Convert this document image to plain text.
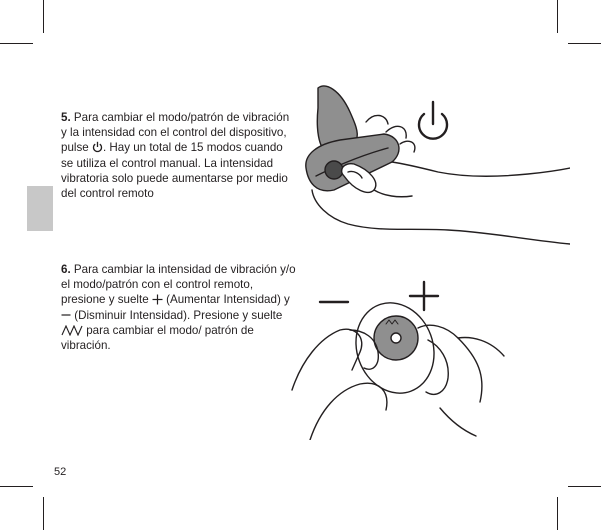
5. Para cambiar el modo/patrón de vibración y la intensidad con el control del dispositivo, pulse . Hay un total de 15 modos cuando se utiliza el control manual. La intensidad vibratoria solo puede aumentarse por medio del control remoto

6. Para cambiar la intensidad de vibración y/o el modo/patrón con el control remoto, presione y suelte  (Aumentar Intensidad) y  (Disminuir Intensidad). Presione y suelte  para cambiar el modo/ patrón de vibración.

52
